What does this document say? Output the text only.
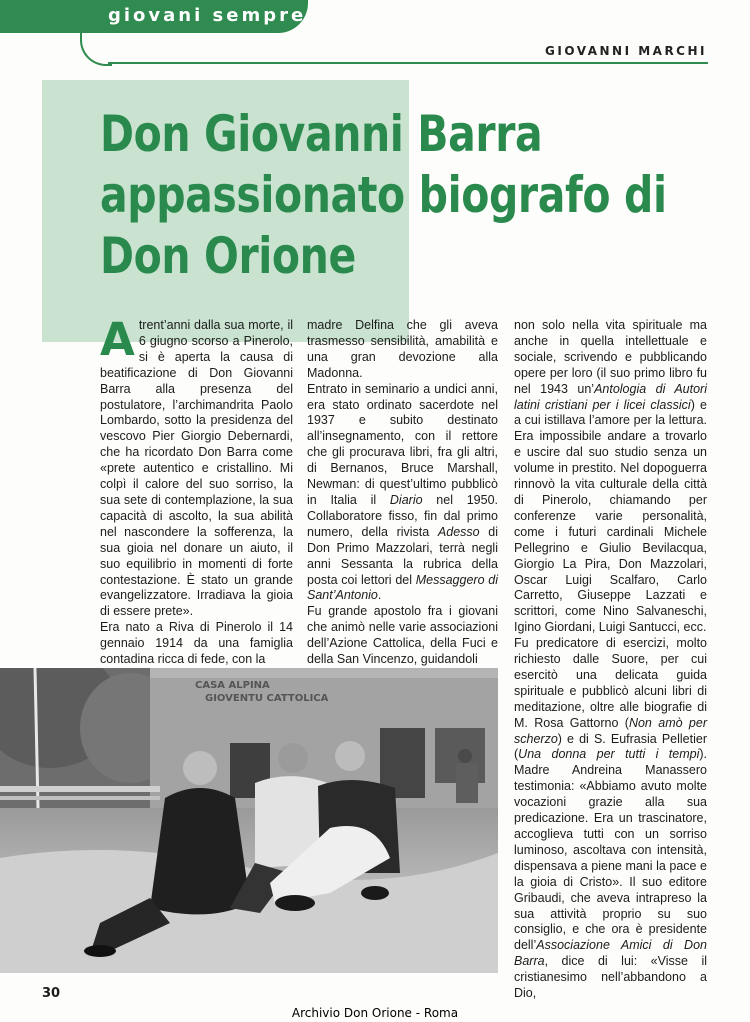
giovani sempre
GIOVANNI MARCHI
Don Giovanni Barra
appassionato biografo di
Don Orione

Atrent’anni dalla sua morte, il 6 giugno scorso a Pinerolo, si è aperta la causa di beatificazione di Don Giovanni Barra alla presenza del postulatore, l’archimandrita Paolo Lombardo, sotto la presidenza del vescovo Pier Giorgio Debernardi, che ha ricordato Don Barra come «prete autentico e cristallino. Mi colpì il calore del suo sorriso, la sua sete di contemplazione, la sua capacità di ascolto, la sua abilità nel nascondere la sofferenza, la sua gioia nel donare un aiuto, il suo equilibrio in momenti di forte contestazione. È stato un grande evangelizzatore. Irradiava la gioia di essere prete».

Era nato a Riva di Pinerolo il 14 gennaio 1914 da una famiglia contadina ricca di fede, con la

madre Delfina che gli aveva trasmesso sensibilità, amabilità e una gran devozione alla Madonna.

Entrato in seminario a undici anni, era stato ordinato sacerdote nel 1937 e subito destinato all’insegnamento, con il rettore che gli procurava libri, fra gli altri, di Bernanos, Bruce Marshall, Newman: di quest’ultimo pubblicò in Italia il Diario nel 1950. Collaboratore fisso, fin dal primo numero, della rivista Adesso di Don Primo Mazzolari, terrà negli anni Sessanta la rubrica della posta coi lettori del Messaggero di Sant’Antonio.

Fu grande apostolo fra i giovani che animò nelle varie associazioni dell’Azione Cattolica, della Fuci e della San Vincenzo, guidandoli

non solo nella vita spirituale ma anche in quella intellettuale e sociale, scrivendo e pubblicando opere per loro (il suo primo libro fu nel 1943 un’Antologia di Autori latini cristiani per i licei classici) e a cui istillava l’amore per la lettura. Era impossibile andare a trovarlo e uscire dal suo studio senza un volume in prestito. Nel dopoguerra rinnovò la vita culturale della città di Pinerolo, chiamando per conferenze varie personalità, come i futuri cardinali Michele Pellegrino e Giulio Bevilacqua, Giorgio La Pira, Don Mazzolari, Oscar Luigi Scalfaro, Carlo Carretto, Giuseppe Lazzati e scrittori, come Nino Salvaneschi, Igino Giordani, Luigi Santucci, ecc.

Fu predicatore di esercizi, molto richiesto dalle Suore, per cui esercitò una delicata guida spirituale e pubblicò alcuni libri di meditazione, oltre alle biografie di M. Rosa Gattorno (Non amò per scherzo) e di S. Eufrasia Pelletier (Una donna per tutti i tempi). Madre Andreina Manassero testimonia: «Abbiamo avuto molte vocazioni grazie alla sua predicazione. Era un trascinatore, accoglieva tutti con un sorriso luminoso, ascoltava con intensità, dispensava a piene mani la pace e la gioia di Cristo». Il suo editore Gribaudi, che aveva intrapreso la sua attività proprio su suo consiglio, e che ora è presidente dell’Associazione Amici di Don Barra, dice di lui: «Visse il cristianesimo nell’abbandono a Dio,

CASA ALPINA
GIOVENTU CATTOLICA
30
Archivio Don Orione - Roma
